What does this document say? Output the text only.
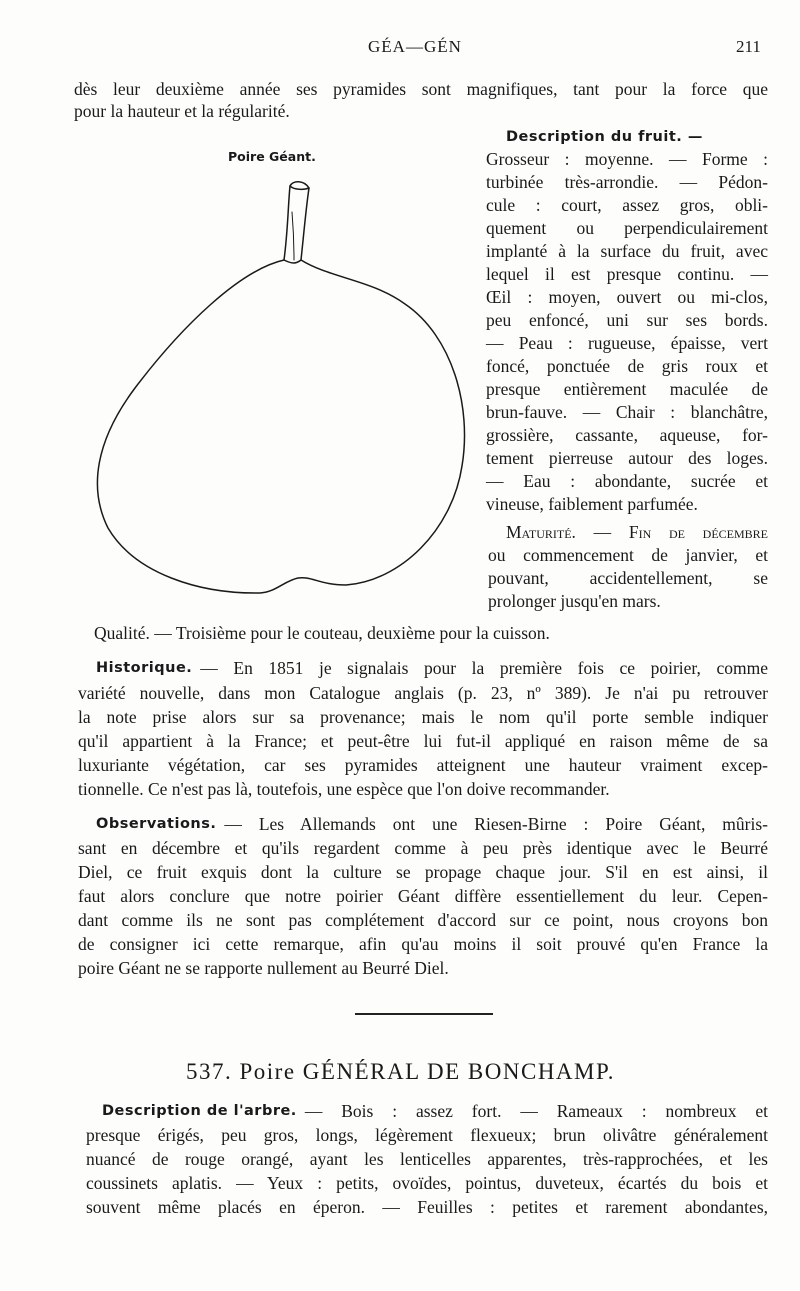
GÉA—GÉN	211
dès leur deuxième année ses pyramides sont magnifiques, tant pour la force que
pour la hauteur et la régularité.
Poire Géant.
Description du fruit. —
Grosseur : moyenne. — Forme :
turbinée très-arrondie. — Pédon-
cule : court, assez gros, obli-
quement ou perpendiculairement
implanté à la surface du fruit, avec
lequel il est presque continu. —
Œil : moyen, ouvert ou mi-clos,
peu enfoncé, uni sur ses bords.
— Peau : rugueuse, épaisse, vert
foncé, ponctuée de gris roux et
presque entièrement maculée de
brun-fauve. — Chair : blanchâtre,
grossière, cassante, aqueuse, for-
tement pierreuse autour des loges.
— Eau : abondante, sucrée et
vineuse, faiblement parfumée.
Maturité. — Fin de décembre
ou commencement de janvier, et
pouvant, accidentellement, se
prolonger jusqu'en mars.
Qualité. — Troisième pour le couteau, deuxième pour la cuisson.
Historique. — En 1851 je signalais pour la première fois ce poirier, comme
variété nouvelle, dans mon Catalogue anglais (p. 23, nº 389). Je n'ai pu retrouver
la note prise alors sur sa provenance; mais le nom qu'il porte semble indiquer
qu'il appartient à la France; et peut-être lui fut-il appliqué en raison même de sa
luxuriante végétation, car ses pyramides atteignent une hauteur vraiment excep-
tionnelle. Ce n'est pas là, toutefois, une espèce que l'on doive recommander.
Observations. — Les Allemands ont une Riesen-Birne : Poire Géant, mûris-
sant en décembre et qu'ils regardent comme à peu près identique avec le Beurré
Diel, ce fruit exquis dont la culture se propage chaque jour. S'il en est ainsi, il
faut alors conclure que notre poirier Géant diffère essentiellement du leur. Cepen-
dant comme ils ne sont pas complétement d'accord sur ce point, nous croyons bon
de consigner ici cette remarque, afin qu'au moins il soit prouvé qu'en France la
poire Géant ne se rapporte nullement au Beurré Diel.
537. Poire GÉNÉRAL DE BONCHAMP.
Description de l'arbre. — Bois : assez fort. — Rameaux : nombreux et
presque érigés, peu gros, longs, légèrement flexueux; brun olivâtre généralement
nuancé de rouge orangé, ayant les lenticelles apparentes, très-rapprochées, et les
coussinets aplatis. — Yeux : petits, ovoïdes, pointus, duveteux, écartés du bois et
souvent même placés en éperon. — Feuilles : petites et rarement abondantes,
